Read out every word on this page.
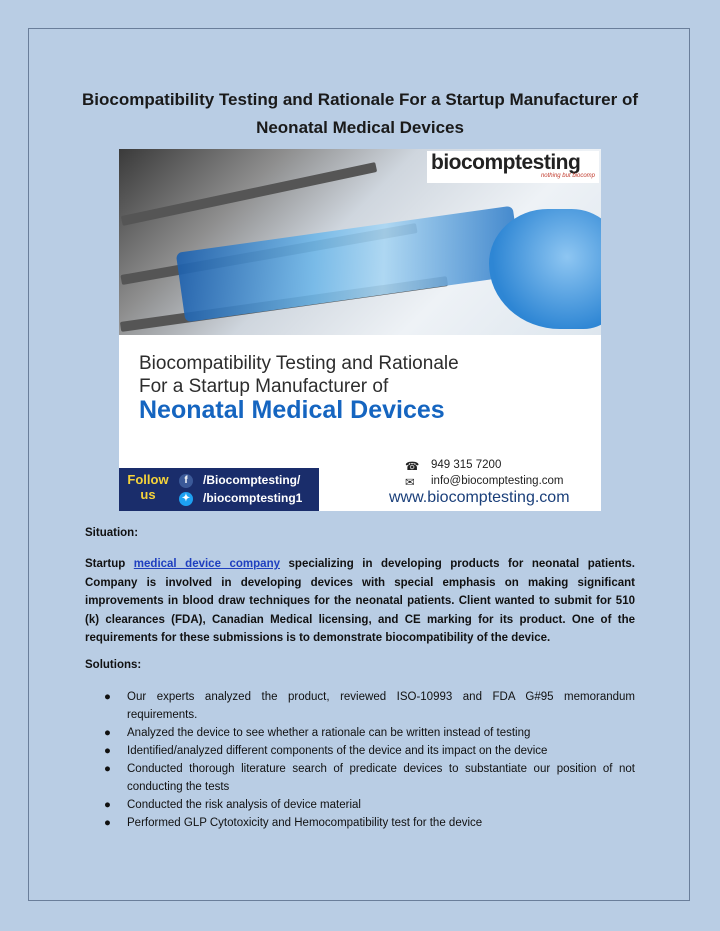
Biocompatibility Testing and Rationale For a Startup Manufacturer of
Neonatal Medical Devices
biocomptesting
nothing but biocomp
Biocompatibility Testing and Rationale
For a Startup Manufacturer of
Neonatal Medical Devices
☎ 949 315 7200
✉ info@biocomptesting.com
www.biocomptesting.com
Follow us
f	/Biocomptesting/
✦ /biocomptesting1
Situation:
Startup medical device company specializing in developing products for neonatal patients. Company is involved in developing devices with special emphasis on making significant improvements in blood draw techniques for the neonatal patients. Client wanted to submit for 510 (k) clearances (FDA), Canadian Medical licensing, and CE marking for its product. One of the requirements for these submissions is to demonstrate biocompatibility of the device.
Solutions:
● Our experts analyzed the product, reviewed ISO-10993 and FDA G#95 memorandum requirements.
● Analyzed the device to see whether a rationale can be written instead of testing
● Identified/analyzed different components of the device and its impact on the device
● Conducted thorough literature search of predicate devices to substantiate our position of not conducting the tests
● Conducted the risk analysis of device material
● Performed GLP Cytotoxicity and Hemocompatibility test for the device
